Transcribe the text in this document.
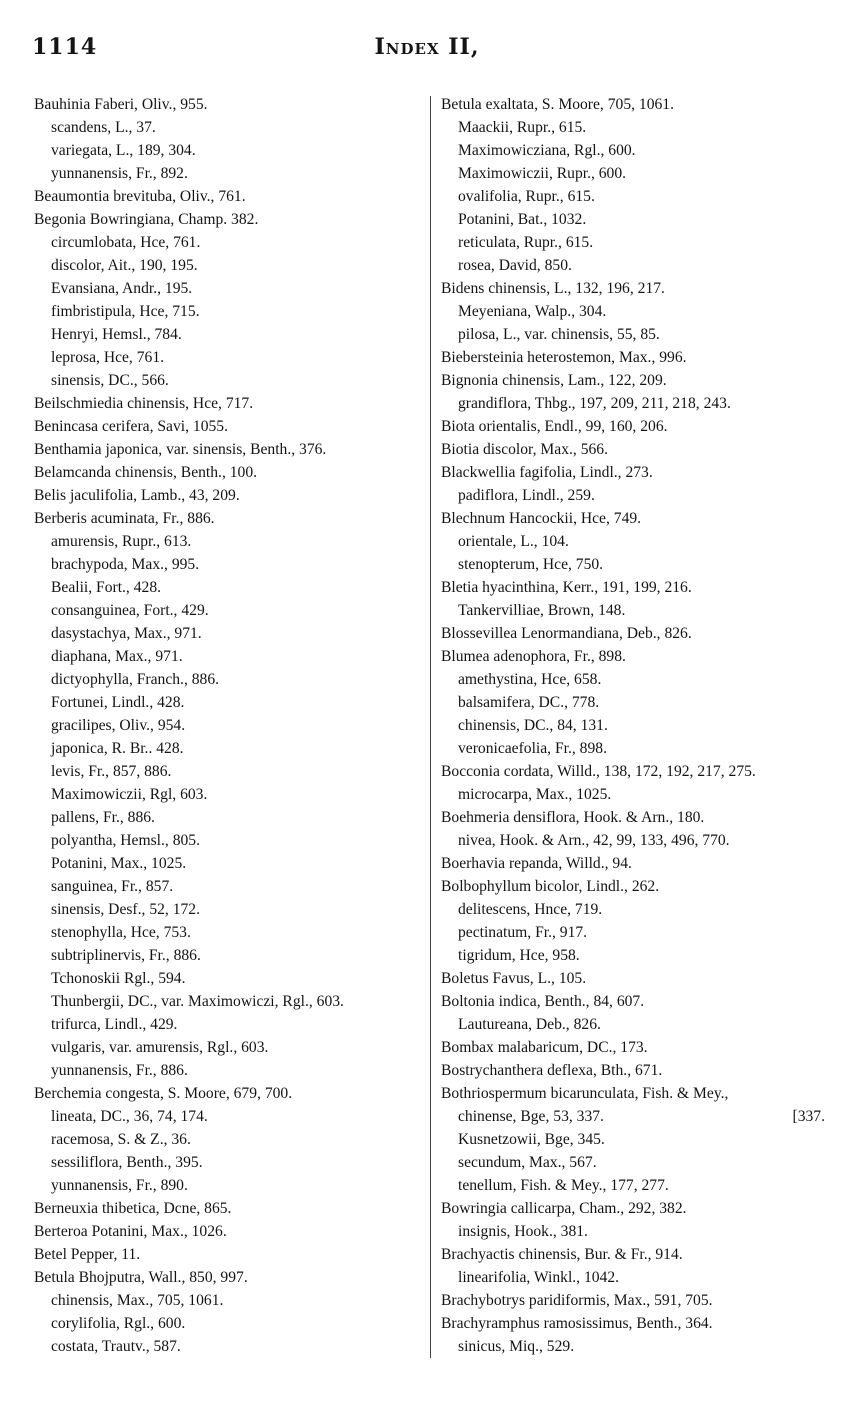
1114	Index II,
Bauhinia Faberi, Oliv., 955.
scandens, L., 37.
variegata, L., 189, 304.
yunnanensis, Fr., 892.
Beaumontia brevituba, Oliv., 761.
Begonia Bowringiana, Champ. 382.
circumlobata, Hce, 761.
discolor, Ait., 190, 195.
Evansiana, Andr., 195.
fimbristipula, Hce, 715.
Henryi, Hemsl., 784.
leprosa, Hce, 761.
sinensis, DC., 566.
Beilschmiedia chinensis, Hce, 717.
Benincasa cerifera, Savi, 1055.
Benthamia japonica, var. sinensis, Benth., 376.
Belamcanda chinensis, Benth., 100.
Belis jaculifolia, Lamb., 43, 209.
Berberis acuminata, Fr., 886.
amurensis, Rupr., 613.
brachypoda, Max., 995.
Bealii, Fort., 428.
consanguinea, Fort., 429.
dasystachya, Max., 971.
diaphana, Max., 971.
dictyophylla, Franch., 886.
Fortunei, Lindl., 428.
gracilipes, Oliv., 954.
japonica, R. Br.. 428.
levis, Fr., 857, 886.
Maximowiczii, Rgl, 603.
pallens, Fr., 886.
polyantha, Hemsl., 805.
Potanini, Max., 1025.
sanguinea, Fr., 857.
sinensis, Desf., 52, 172.
stenophylla, Hce, 753.
subtriplinervis, Fr., 886.
Tchonoskii Rgl., 594.
Thunbergii, DC., var. Maximowiczi, Rgl., 603.
trifurca, Lindl., 429.
vulgaris, var. amurensis, Rgl., 603.
yunnanensis, Fr., 886.
Berchemia congesta, S. Moore, 679, 700.
lineata, DC., 36, 74, 174.
racemosa, S. & Z., 36.
sessiliflora, Benth., 395.
yunnanensis, Fr., 890.
Berneuxia thibetica, Dcne, 865.
Berteroa Potanini, Max., 1026.
Betel Pepper, 11.
Betula Bhojputra, Wall., 850, 997.
chinensis, Max., 705, 1061.
corylifolia, Rgl., 600.
costata, Trautv., 587.
Betula exaltata, S. Moore, 705, 1061.
Maackii, Rupr., 615.
Maximowicziana, Rgl., 600.
Maximowiczii, Rupr., 600.
ovalifolia, Rupr., 615.
Potanini, Bat., 1032.
reticulata, Rupr., 615.
rosea, David, 850.
Bidens chinensis, L., 132, 196, 217.
Meyeniana, Walp., 304.
pilosa, L., var. chinensis, 55, 85.
Biebersteinia heterostemon, Max., 996.
Bignonia chinensis, Lam., 122, 209.
grandiflora, Thbg., 197, 209, 211, 218, 243.
Biota orientalis, Endl., 99, 160, 206.
Biotia discolor, Max., 566.
Blackwellia fagifolia, Lindl., 273.
padiflora, Lindl., 259.
Blechnum Hancockii, Hce, 749.
orientale, L., 104.
stenopterum, Hce, 750.
Bletia hyacinthina, Kerr., 191, 199, 216.
Tankervilliae, Brown, 148.
Blossevillea Lenormandiana, Deb., 826.
Blumea adenophora, Fr., 898.
amethystina, Hce, 658.
balsamifera, DC., 778.
chinensis, DC., 84, 131.
veronicaefolia, Fr., 898.
Bocconia cordata, Willd., 138, 172, 192, 217, 275.
microcarpa, Max., 1025.
Boehmeria densiflora, Hook. & Arn., 180.
nivea, Hook. & Arn., 42, 99, 133, 496, 770.
Boerhavia repanda, Willd., 94.
Bolbophyllum bicolor, Lindl., 262.
delitescens, Hnce, 719.
pectinatum, Fr., 917.
tigridum, Hce, 958.
Boletus Favus, L., 105.
Boltonia indica, Benth., 84, 607.
Lautureana, Deb., 826.
Bombax malabaricum, DC., 173.
Bostrychanthera deflexa, Bth., 671.
Bothriospermum bicarunculata, Fish. & Mey.,
chinense, Bge, 53, 337.	[337.
Kusnetzowii, Bge, 345.
secundum, Max., 567.
tenellum, Fish. & Mey., 177, 277.
Bowringia callicarpa, Cham., 292, 382.
insignis, Hook., 381.
Brachyactis chinensis, Bur. & Fr., 914.
linearifolia, Winkl., 1042.
Brachybotrys paridiformis, Max., 591, 705.
Brachyramphus ramosissimus, Benth., 364.
sinicus, Miq., 529.
